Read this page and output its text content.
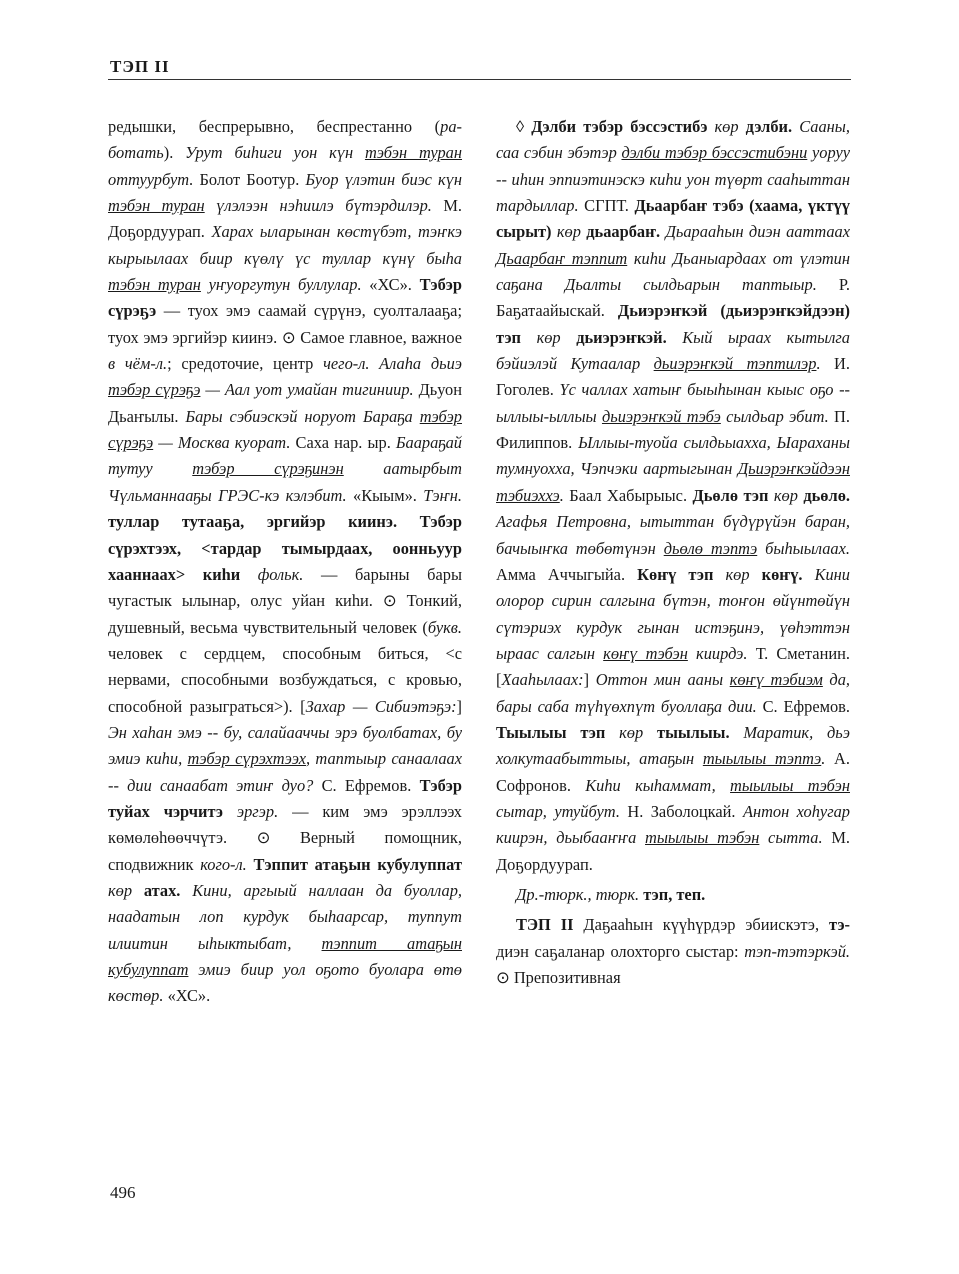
ТЭП II

редышки, беспрерывно, беспрестанно (работать). Урут биһиги уон күн тэбэн туран оттуурбут. Болот Боотур. Буор үлэтин биэс күн тэбэн туран үлэлээн нэһиилэ бүтэрдилэр. М. Доҕордуурап. Харах ыларынан көстүбэт, тэҥкэ кырыылаах биир күөлү үс туллар күнү быһа тэбэн туран уҥуоргутун буллулар. «ХС». Тэбэр сүрэҕэ — туох эмэ саамай сүрүнэ, суолталааҕа; туох эмэ эргийэр киинэ. ⊙ Самое главное, важное в чём-л.; средоточие, центр чего-л. Алаһа дьиэ тэбэр сүрэҕэ — Аал уот умайан тигиниир. Дьуон Дьаҥылы. Бары сэбиэскэй норуот Бараҕа тэбэр сүрэҕэ — Москва куорат. Саха нар. ыр. Баараҕай тутуу тэбэр сүрэҕинэн аатырбыт Чүльманнааҕы ГРЭС-кэ кэлэбит. «Кыым». Тэҥн. туллар тутааҕа, эргийэр киинэ. Тэбэр сүрэхтээх, <тардар тымырдаах, оонньуур хааннаах> киһи фольк. — барыны бары чугастык ылынар, олус уйан киһи. ⊙ Тонкий, душевный, весьма чувствительный человек (букв. человек с сердцем, способным биться, <с нервами, способными возбуждаться, с кровью, способной разыграться>). [Захар — Сибиэтэҕэ:] Эн хаһан эмэ -- бу, салайааччы эрэ буолбатах, бу эмиэ киһи, тэбэр сүрэхтээх, таптыыр санаалаах -- дии санаабат этиҥ дуо? С. Ефремов. Тэбэр туйах чэрчитэ эргэр. — ким эмэ эрэллээх көмөлөһөөччүтэ. ⊙ Верный помощник, сподвижник кого-л. Тэппит атаҕын кубулуппат көр атах. Кини, аргыый наллаан да буоллар, наадатын лоп курдук быһаарсар, туппут илиитин ыһыктыбат, тэппит атаҕын кубулуппат эмиэ биир уол оҕото буолара өтө көстөр. «ХС».

◊ Дэлби тэбэр бэссэстибэ көр дэлби. Сааны, саа сэбин эбэтэр дэлби тэбэр бэссэстибэни уоруу -- иһин эппиэтинэскэ киһи уон түөрт сааһыттан тардыллар. СГПТ. Дьаарбаҥ тэбэ (хаама, үктүү сырыт) көр дьаарбаҥ. Дьарааһын диэн ааттаах Дьаарбаҥ тэппит киһи Дьаныардаах от үлэтин саҕана Дьалты сылдьарын таптыыр. Р. Баҕатаайыскай. Дьиэрэҥкэй (дьиэрэҥкэйдээн) тэп көр дьиэрэҥкэй. Кый ыраах кытылга бэйиэлэй Кутаалар дьиэрэҥкэй тэптилэр. И. Гоголев. Үс чаллах хатыҥ быыһынан кыыс оҕо -- ыллыы-ыллыы дьиэрэҥкэй тэбэ сылдьар эбит. П. Филиппов. Ыллыы-туойа сылдьыахха, Ыараханы тумнуохха, Чэпчэки аартыгынан Дьиэрэҥкэйдээн тэбиэххэ. Баал Хабырыыс. Дьөлө тэп көр дьөлө. Агафья Петровна, ытыттан бүдүрүйэн баран, бачыыҥка төбөтүнэн дьөлө тэптэ быһыылаах. Амма Аччыгыйа. Көҥү тэп көр көҥү. Кини олорор сирин салгына бүтэн, тоҥон өйүнтөйүн сүтэриэх курдук гынан истэҕинэ, үөһэттэн ыраас салгын көҥү тэбэн киирдэ. Т. Сметанин. [Хааһылаах:] Оттон мин ааны көҥү тэбиэм да, бары саба түһүөхпүт буоллаҕа дии. С. Ефремов. Тыылыы тэп көр тыылыы. Маратик, дьэ холкутаабыттыы, атаҕын тыылыы тэптэ. А. Софронов. Киһи кыһаммат, тыылыы тэбэн сытар, утуйбут. Н. Заболоцкай. Антон хоһугар киирэн, дьыбааҥҥа тыылыы тэбэн сытта. М. Доҕордуурап.

Др.-тюрк., тюрк. тэп, теп.

ТЭП II Даҕааһын күүһүрдэр эбиискэтэ, тэ- диэн саҕаланар олохторго сыстар: тэп-тэтэркэй. ⊙ Препозитивная

496
